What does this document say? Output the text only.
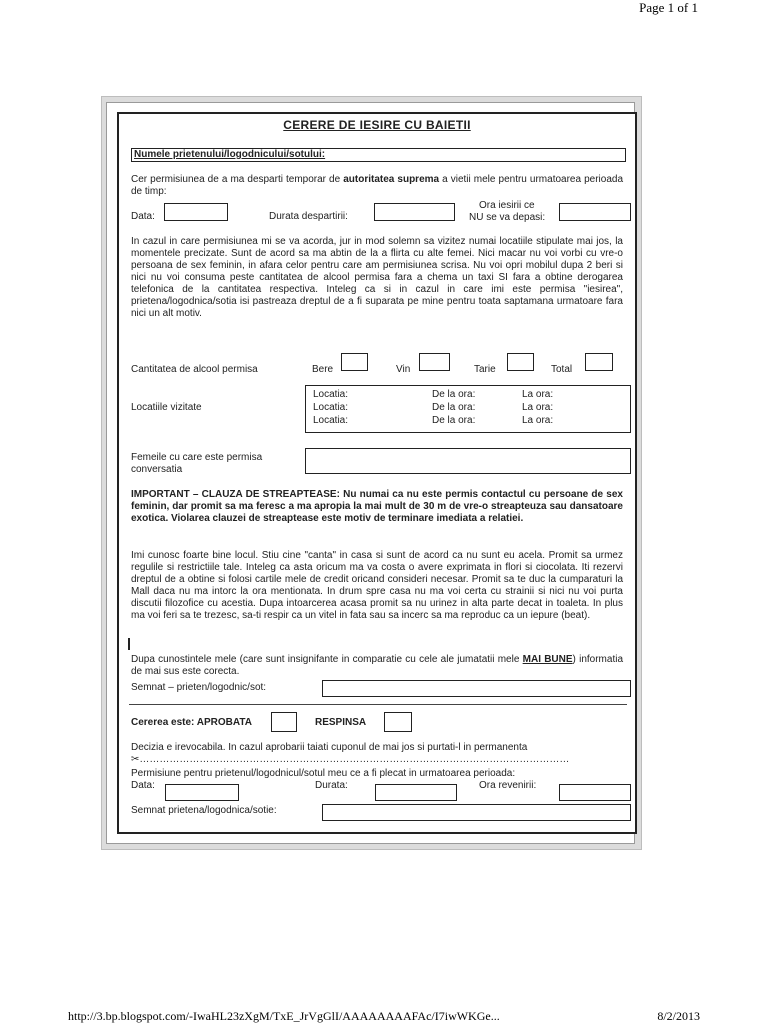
Page 1 of 1
CERERE DE IESIRE CU BAIETII
Numele prietenului/logodnicului/sotului:
Cer permisiunea de a ma desparti temporar de autoritatea suprema a vietii mele pentru urmatoarea perioada de timp:
Data:	Durata despartirii:
Ora iesirii ce
NU se va depasi:
In cazul in care permisiunea mi se va acorda, jur in mod solemn sa vizitez numai locatiile stipulate mai jos, la momentele precizate. Sunt de acord sa ma abtin de la a flirta cu alte femei. Nici macar nu voi vorbi cu vre-o persoana de sex feminin, in afara celor pentru care am permisiunea scrisa. Nu voi opri mobilul dupa 2 beri si nici nu voi consuma peste cantitatea de alcool permisa fara a chema un taxi SI fara a obtine derogarea telefonica de la cantitatea respectiva. Inteleg ca si in cazul in care imi este permisa "iesirea", prietena/logodnica/sotia isi pastreaza dreptul de a fi suparata pe mine pentru toata saptamana urmatoare fara nici un alt motiv.
Cantitatea de alcool permisa	Bere	Vin	Tarie	Total
Locatiile vizitate
Locatia:	De la ora:	La ora:
Locatia:	De la ora:	La ora:
Locatia:	De la ora:	La ora:
Femeile cu care este permisa
conversatia
IMPORTANT – CLAUZA DE STREAPTEASE: Nu numai ca nu este permis contactul cu persoane de sex feminin, dar promit sa ma feresc a ma apropia la mai mult de 30 m de vre-o streapteuza sau dansatoare exotica. Violarea clauzei de streaptease este motiv de terminare imediata a relatiei.
Imi cunosc foarte bine locul. Stiu cine "canta" in casa si sunt de acord ca nu sunt eu acela. Promit sa urmez regulile si restrictiile tale. Inteleg ca asta oricum ma va costa o avere exprimata in flori si ciocolata. Iti rezervi dreptul de a obtine si folosi cartile mele de credit oricand consideri necesar. Promit sa te duc la cumparaturi la Mall daca nu ma intorc la ora mentionata. In drum spre casa nu ma voi certa cu strainii si nici nu voi purta discutii filozofice cu acestia. Dupa intoarcerea acasa promit sa nu urinez in alta parte decat in toaleta. In plus ma voi feri sa te trezesc, sa-ti respir ca un vitel in fata sau sa incerc sa ma reproduc ca un iepure (beat).
Dupa cunostintele mele (care sunt insignifante in comparatie cu cele ale jumatatii mele MAI BUNE) informatia de mai sus este corecta.
Semnat – prieten/logodnic/sot:
Cererea este: APROBATA	RESPINSA
Decizia e irevocabila. In cazul aprobarii taiati cuponul de mai jos si purtati-l in permanenta
✂…………………………………………………………………………………………………………………
Permisiune pentru prietenul/logodnicul/sotul meu ce a fi plecat in urmatoarea perioada:
Data:	Durata:	Ora revenirii:
Semnat prietena/logodnica/sotie:
http://3.bp.blogspot.com/-IwaHL23zXgM/TxE_JrVgGlI/AAAAAAAAFAc/I7iwWKGe...	8/2/2013
